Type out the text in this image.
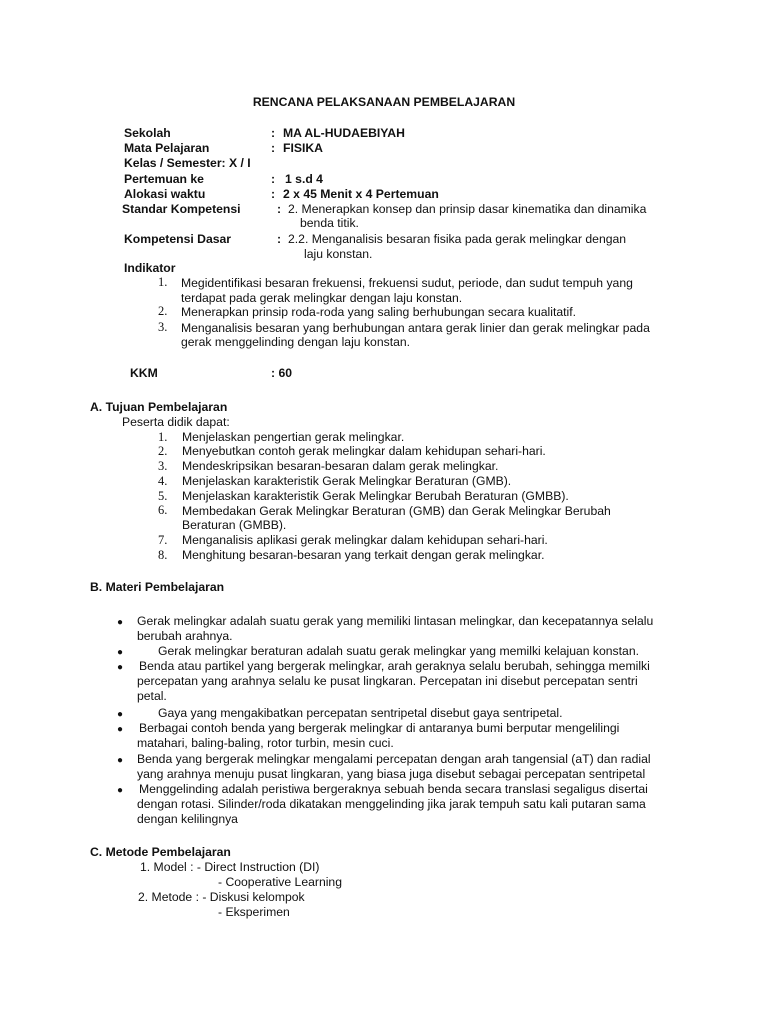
RENCANA PELAKSANAAN PEMBELAJARAN
Sekolah	: MA AL-HUDAEBIYAH
Mata Pelajaran	: FISIKA
Kelas / Semester: X / I
Pertemuan ke	: 1 s.d 4
Alokasi waktu	: 2 x 45 Menit x 4 Pertemuan
Standar Kompetensi	: 2. Menerapkan konsep dan prinsip dasar kinematika dan dinamika
benda titik.
Kompetensi Dasar	: 2.2. Menganalisis besaran fisika pada gerak melingkar dengan
laju konstan.
Indikator
1. Megidentifikasi besaran frekuensi, frekuensi sudut, periode, dan sudut tempuh yang
terdapat pada gerak melingkar dengan laju konstan.
2. Menerapkan prinsip roda-roda yang saling berhubungan secara kualitatif.
3. Menganalisis besaran yang berhubungan antara gerak linier dan gerak melingkar pada
gerak menggelinding dengan laju konstan.
KKM	: 60
A. Tujuan Pembelajaran
Peserta didik dapat:
1. Menjelaskan pengertian gerak melingkar.
2. Menyebutkan contoh gerak melingkar dalam kehidupan sehari-hari.
3. Mendeskripsikan besaran-besaran dalam gerak melingkar.
4. Menjelaskan karakteristik Gerak Melingkar Beraturan (GMB).
5. Menjelaskan karakteristik Gerak Melingkar Berubah Beraturan (GMBB).
6. Membedakan Gerak Melingkar Beraturan (GMB) dan Gerak Melingkar Berubah
Beraturan (GMBB).
7. Menganalisis aplikasi gerak melingkar dalam kehidupan sehari-hari.
8. Menghitung besaran-besaran yang terkait dengan gerak melingkar.
B. Materi Pembelajaran
● Gerak melingkar adalah suatu gerak yang memiliki lintasan melingkar, dan kecepatannya selalu
berubah arahnya.
●	Gerak melingkar beraturan adalah suatu gerak melingkar yang memilki kelajuan konstan.
● Benda atau partikel yang bergerak melingkar, arah geraknya selalu berubah, sehingga memilki
percepatan yang arahnya selalu ke pusat lingkaran. Percepatan ini disebut percepatan sentri
petal.
●	Gaya yang mengakibatkan percepatan sentripetal disebut gaya sentripetal.
● Berbagai contoh benda yang bergerak melingkar di antaranya bumi berputar mengelilingi
matahari, baling-baling, rotor turbin, mesin cuci.
● Benda yang bergerak melingkar mengalami percepatan dengan arah tangensial (aT) dan radial
yang arahnya menuju pusat lingkaran, yang biasa juga disebut sebagai percepatan sentripetal
● Menggelinding adalah peristiwa bergeraknya sebuah benda secara translasi segaligus disertai
dengan rotasi. Silinder/roda dikatakan menggelinding jika jarak tempuh satu kali putaran sama
dengan kelilingnya
C. Metode Pembelajaran
1. Model : - Direct Instruction (DI)
- Cooperative Learning
2. Metode : - Diskusi kelompok
- Eksperimen
